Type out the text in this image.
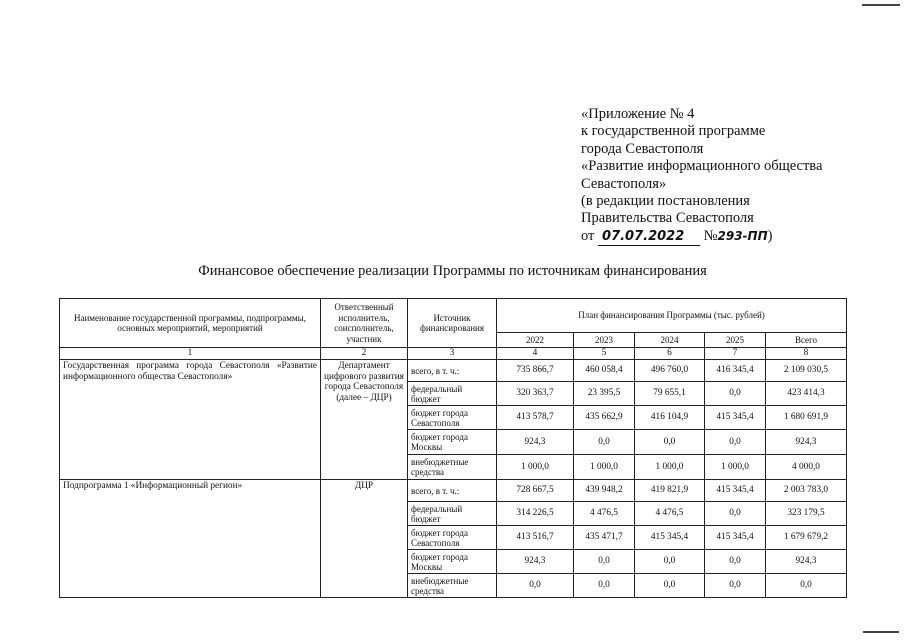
«Приложение № 4
к государственной программе
города Севастополя
«Развитие информационного общества
Севастополя»
(в редакции постановления
Правительства Севастополя
от 07.07.2022 №293-ПП)
Финансовое обеспечение реализации Программы по источникам финансирования
Наименование государственной программы, подпрограммы, основных мероприятий, мероприятий	Ответственный исполнитель, соисполнитель, участник	Источник финансирования	План финансирования Программы (тыс. рублей)				
			2022	2023	2024	2025	Всего
1	2	3	4	5	6	7	8
Государственная программа города Севастополя «Развитие информационного общества Севастополя»	Департамент цифрового развития города Севастополя (далее – ДЦР)	всего, в т. ч.:	735 866,7	460 058,4	496 760,0	416 345,4	2 109 030,5
		федеральный бюджет	320 363,7	23 395,5	79 655,1	0,0	423 414,3
		бюджет города Севастополя	413 578,7	435 662,9	416 104,9	415 345,4	1 680 691,9
		бюджет города Москвы	924,3	0,0	0,0	0,0	924,3
		внебюджетные средства	1 000,0	1 000,0	1 000,0	1 000,0	4 000,0
Подпрограмма 1 «Информационный регион»	ДЦР	всего, в т. ч.:	728 667,5	439 948,2	419 821,9	415 345,4	2 003 783,0
		федеральный бюджет	314 226,5	4 476,5	4 476,5	0,0	323 179,5
		бюджет города Севастополя	413 516,7	435 471,7	415 345,4	415 345,4	1 679 679,2
		бюджет города Москвы	924,3	0,0	0,0	0,0	924,3
		внебюджетные средства	0,0	0,0	0,0	0,0	0,0
